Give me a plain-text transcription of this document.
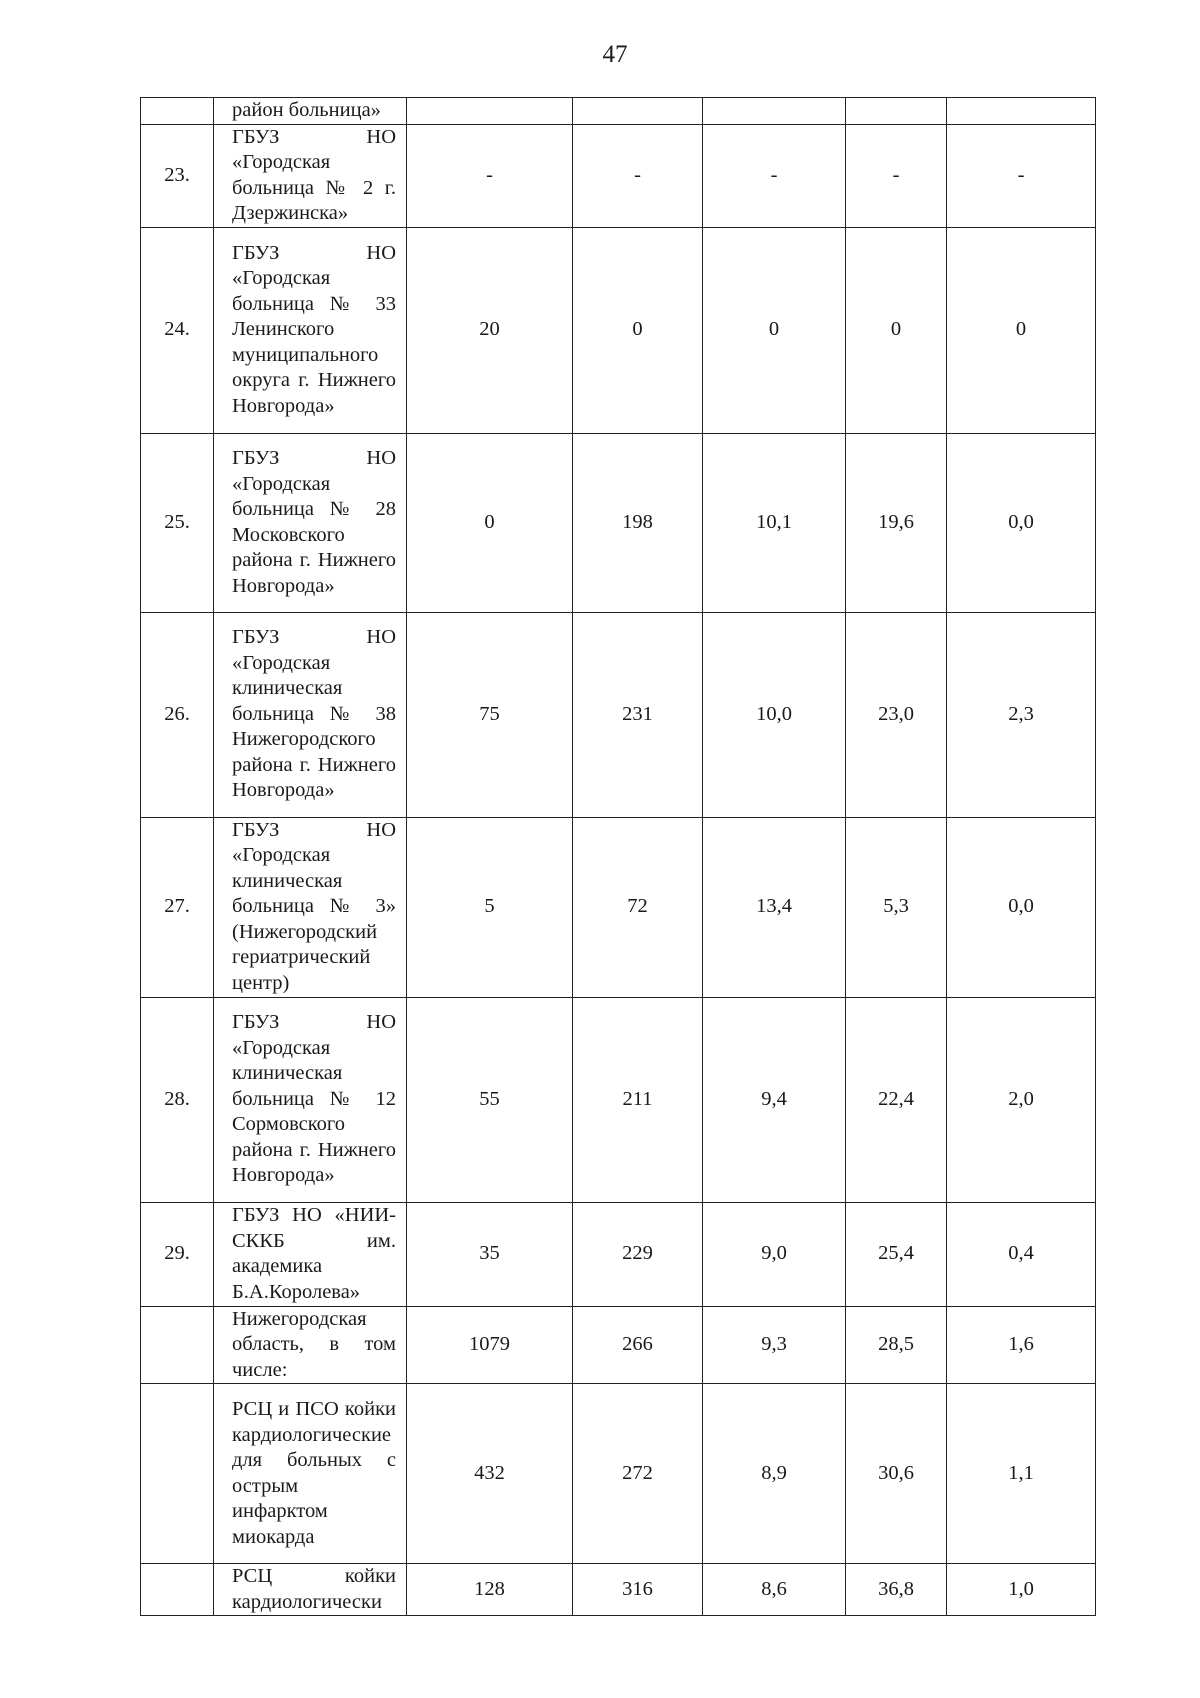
47
	район больница»					
23.	ГБУЗ НО «Городская больница № 2 г. Дзержинска»	-	-	-	-	-
24.	ГБУЗ НО «Городская больница № 33 Ленинского муниципального округа г. Нижнего Новгорода»	20	0	0	0	0
25.	ГБУЗ НО «Городская больница № 28 Московского района г. Нижнего Новгорода»	0	198	10,1	19,6	0,0
26.	ГБУЗ НО «Городская клиническая больница № 38 Нижегородского района г. Нижнего Новгорода»	75	231	10,0	23,0	2,3
27.	ГБУЗ НО «Городская клиническая больница № 3» (Нижегородский гериатрический центр)	5	72	13,4	5,3	0,0
28.	ГБУЗ НО «Городская клиническая больница № 12 Сормовского района г. Нижнего Новгорода»	55	211	9,4	22,4	2,0
29.	ГБУЗ НО «НИИ-СККБ им. академика Б.А.Королева»	35	229	9,0	25,4	0,4
	Нижегородская область, в том числе:	1079	266	9,3	28,5	1,6
	РСЦ и ПСО койки кардиологические для больных с острым инфарктом миокарда	432	272	8,9	30,6	1,1
	РСЦ койки кардиологически	128	316	8,6	36,8	1,0
